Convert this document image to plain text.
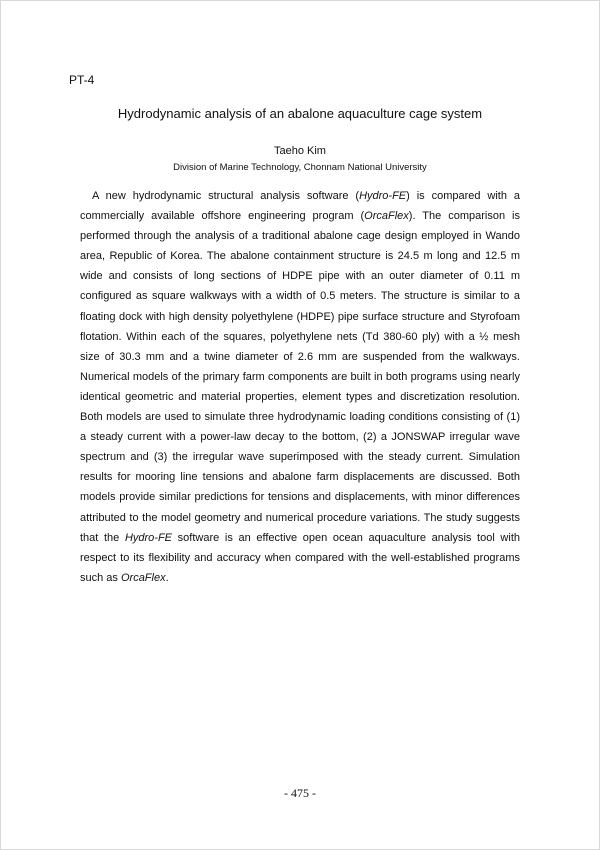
PT-4
Hydrodynamic analysis of an abalone aquaculture cage system
Taeho Kim
Division of Marine Technology, Chonnam National University

A new hydrodynamic structural analysis software (Hydro-FE) is compared with a commercially available offshore engineering program (OrcaFlex). The comparison is performed through the analysis of a traditional abalone cage design employed in Wando area, Republic of Korea. The abalone containment structure is 24.5 m long and 12.5 m wide and consists of long sections of HDPE pipe with an outer diameter of 0.11 m configured as square walkways with a width of 0.5 meters. The structure is similar to a floating dock with high density polyethylene (HDPE) pipe surface structure and Styrofoam flotation. Within each of the squares, polyethylene nets (Td 380-60 ply) with a ½ mesh size of 30.3 mm and a twine diameter of 2.6 mm are suspended from the walkways. Numerical models of the primary farm components are built in both programs using nearly identical geometric and material properties, element types and discretization resolution. Both models are used to simulate three hydrodynamic loading conditions consisting of (1) a steady current with a power-law decay to the bottom, (2) a JONSWAP irregular wave spectrum and (3) the irregular wave superimposed with the steady current. Simulation results for mooring line tensions and abalone farm displacements are discussed. Both models provide similar predictions for tensions and displacements, with minor differences attributed to the model geometry and numerical procedure variations. The study suggests that the Hydro-FE software is an effective open ocean aquaculture analysis tool with respect to its flexibility and accuracy when compared with the well-established programs such as OrcaFlex.

- 475 -
